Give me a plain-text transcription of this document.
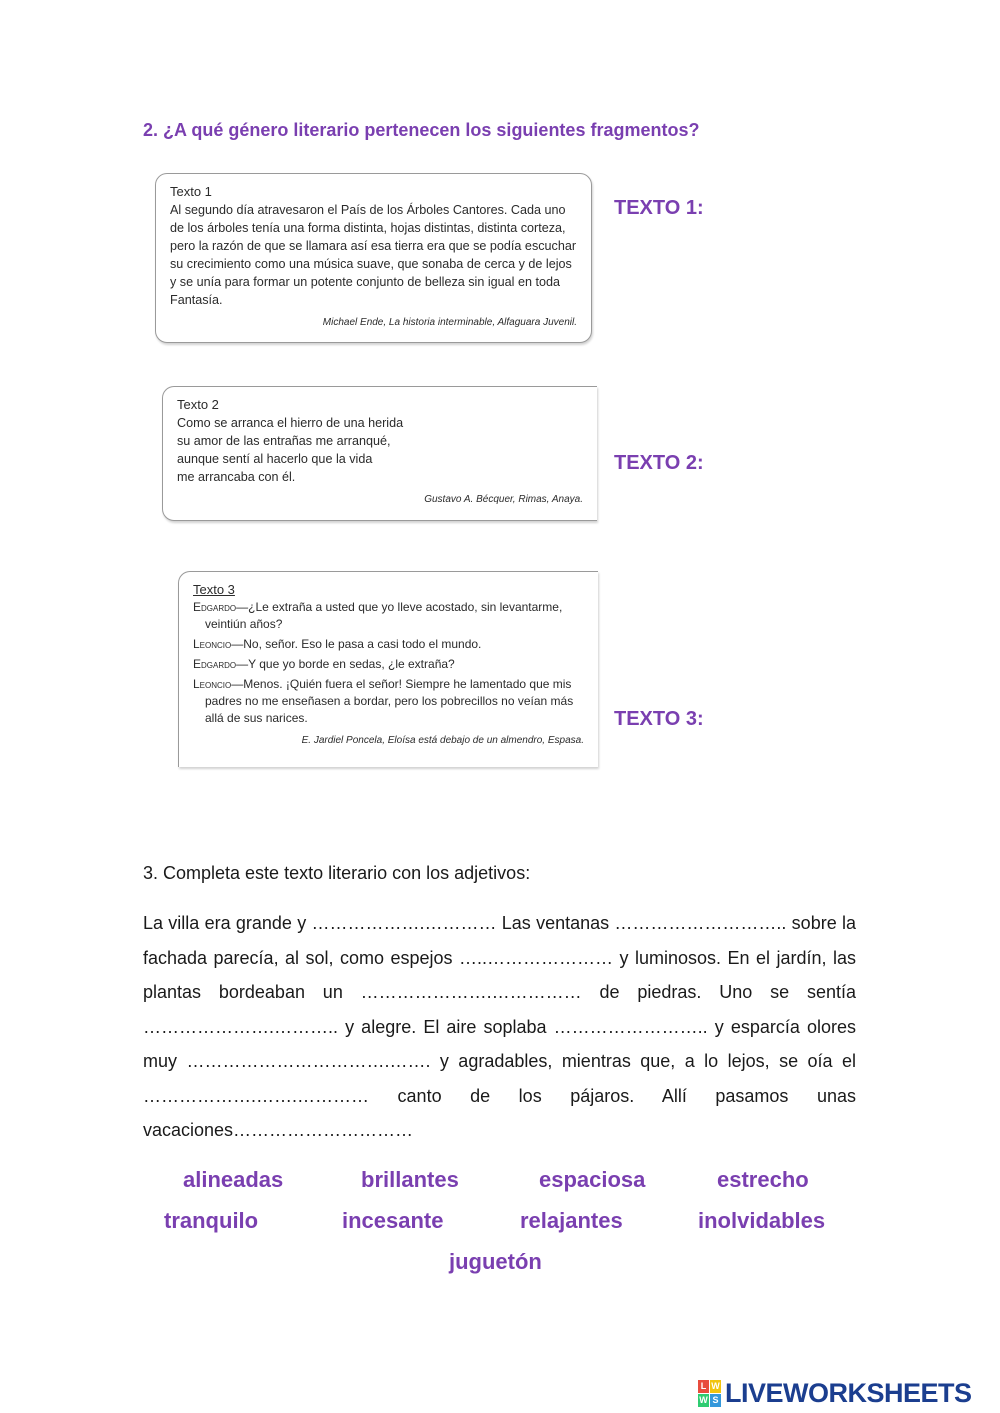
2. ¿A qué género literario pertenecen los siguientes fragmentos?
Texto 1
Al segundo día atravesaron el País de los Árboles Cantores. Cada uno de los árboles tenía una forma distinta, hojas distintas, distinta corteza, pero la razón de que se llamara así esa tierra era que se podía escuchar su crecimiento como una música suave, que sonaba de cerca y de lejos y se unía para formar un potente conjunto de belleza sin igual en toda Fantasía.
Michael Ende, La historia interminable, Alfaguara Juvenil.
Texto 2
Como se arranca el hierro de una herida
su amor de las entrañas me arranqué,
aunque sentí al hacerlo que la vida
me arrancaba con él.
Gustavo A. Bécquer, Rimas, Anaya.
Texto 3
Edgardo—¿Le extraña a usted que yo lleve acostado, sin levantarme, veintiún años?
Leoncio—No, señor. Eso le pasa a casi todo el mundo.
Edgardo—Y que yo borde en sedas, ¿le extraña?
Leoncio—Menos. ¡Quién fuera el señor! Siempre he lamentado que mis padres no me enseñasen a bordar, pero los pobrecillos no veían más allá de sus narices.
E. Jardiel Poncela, Eloísa está debajo de un almendro, Espasa.
TEXTO 1:
TEXTO 2:
TEXTO 3:
3. Completa este texto literario con los adjetivos:
La villa era grande y ……………….………… Las ventanas ……………………….. sobre la fachada parecía, al sol, como espejos …..………………… y luminosos. En el jardín, las plantas bordeaban un ………………….…………… de piedras. Uno se sentía ………………….……….. y alegre. El aire soplaba …………………….. y esparcía olores muy …………………………….……. y agradables, mientras que, a lo lejos, se oía el ……………….…….………… canto de los pájaros. Allí pasamos unas vacaciones…………………………
alineadas	brillantes	espaciosa	estrecho
tranquilo	incesante	relajantes	inolvidables
juguetón
L W
W S LIVEWORKSHEETS
